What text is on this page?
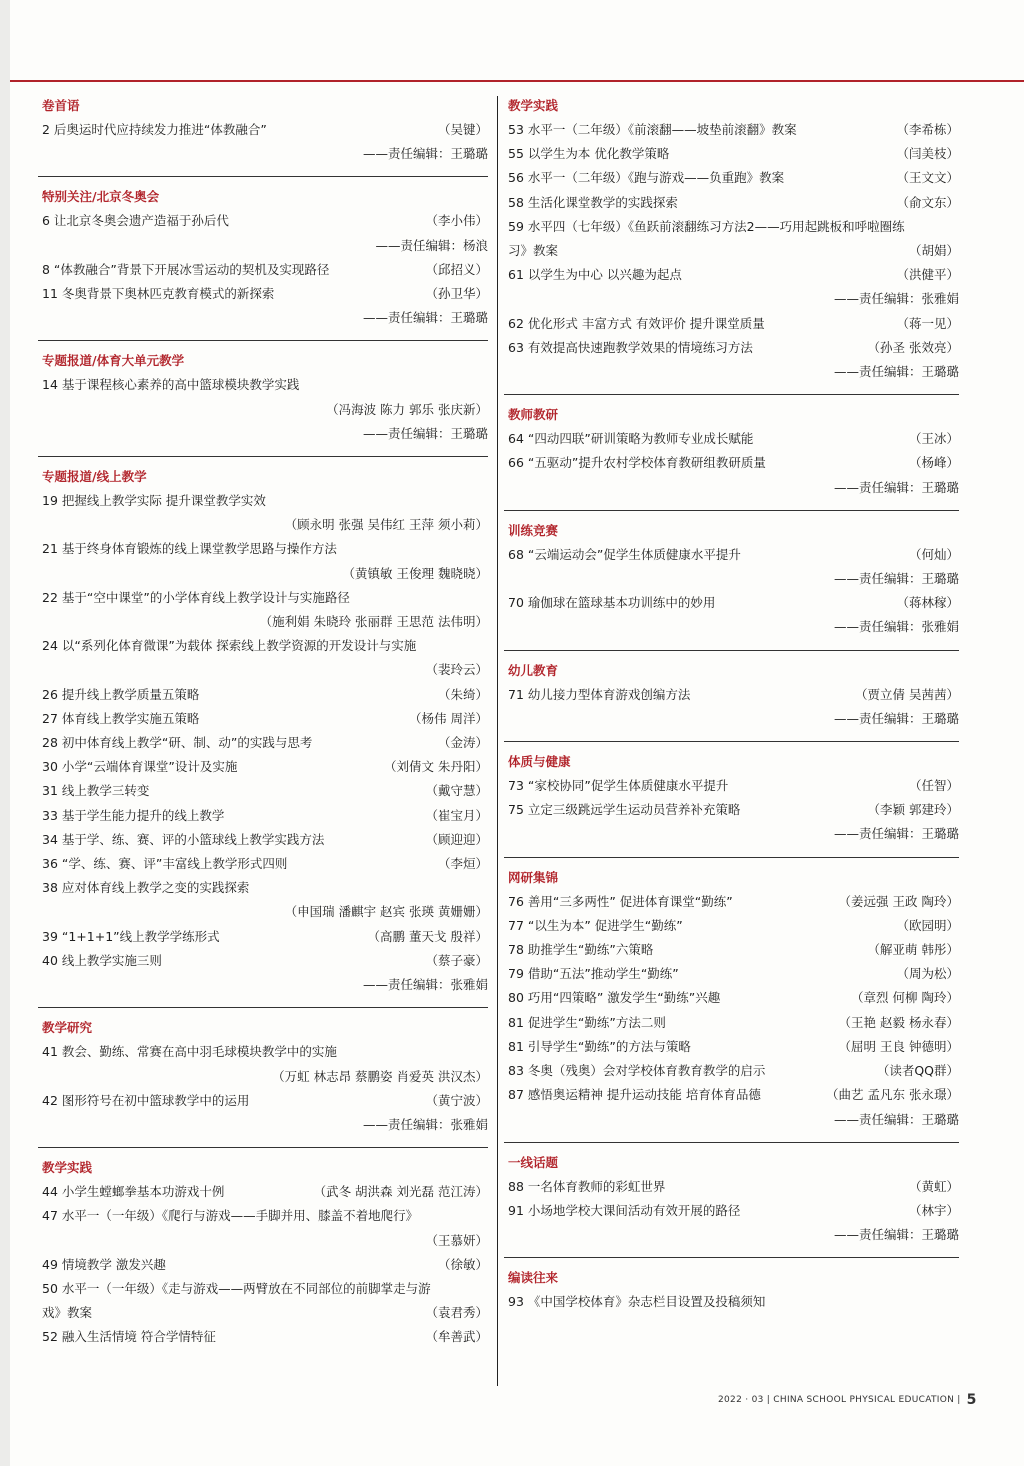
卷首语
2 后奥运时代应持续发力推进“体教融合”	（吴键）
——责任编辑：王璐璐
特别关注/北京冬奥会
6 让北京冬奥会遗产造福于孙后代	（李小伟）
——责任编辑：杨浪
8 “体教融合”背景下开展冰雪运动的契机及实现路径	（邱招义）
11 冬奥背景下奥林匹克教育模式的新探索	（孙卫华）
——责任编辑：王璐璐
专题报道/体育大单元教学
14 基于课程核心素养的高中篮球模块教学实践
（冯海波 陈力 郭乐 张庆新）
——责任编辑：王璐璐
专题报道/线上教学
19 把握线上教学实际 提升课堂教学实效
（顾永明 张强 吴伟红 王萍 须小莉）
21 基于终身体育锻炼的线上课堂教学思路与操作方法
（黄镇敏 王俊理 魏晓晓）
22 基于“空中课堂”的小学体育线上教学设计与实施路径
（施利娟 朱晓玲 张丽群 王思范 法伟明）
24 以“系列化体育微课”为载体 探索线上教学资源的开发设计与实施
（裴玲云）
26 提升线上教学质量五策略	（朱绮）
27 体育线上教学实施五策略	（杨伟 周洋）
28 初中体育线上教学“研、制、动”的实践与思考	（金涛）
30 小学“云端体育课堂”设计及实施	（刘倩文 朱丹阳）
31 线上教学三转变	（戴守慧）
33 基于学生能力提升的线上教学	（崔宝月）
34 基于学、练、赛、评的小篮球线上教学实践方法	（顾迎迎）
36 “学、练、赛、评”丰富线上教学形式四则	（李烜）
38 应对体育线上教学之变的实践探索
（申国瑞 潘麒宇 赵宾 张瑛 黄姗姗）
39 “1+1+1”线上教学学练形式	（高鹏 董天戈 殷祥）
40 线上教学实施三则	（蔡子豪）
——责任编辑：张雅娟
教学研究
41 教会、勤练、常赛在高中羽毛球模块教学中的实施
（万虹 林志昂 蔡鹏姿 肖爱英 洪汉杰）
42 图形符号在初中篮球教学中的运用	（黄宁波）
——责任编辑：张雅娟
教学实践
44 小学生螳螂拳基本功游戏十例	（武冬 胡洪森 刘光磊 范江涛）
47 水平一（一年级）《爬行与游戏——手脚并用、膝盖不着地爬行》
（王慕妍）
49 情境教学 激发兴趣	（徐敏）
50 水平一（一年级）《走与游戏——两臂放在不同部位的前脚掌走与游
戏》教案	（袁君秀）
52 融入生活情境 符合学情特征	（牟善武）
教学实践
53 水平一（二年级）《前滚翻——坡垫前滚翻》教案	（李希栋）
55 以学生为本 优化教学策略	（闫美枝）
56 水平一（二年级）《跑与游戏——负重跑》教案	（王文文）
58 生活化课堂教学的实践探索	（俞文东）
59 水平四（七年级）《鱼跃前滚翻练习方法2——巧用起跳板和呼啦圈练
习》教案	（胡娟）
61 以学生为中心 以兴趣为起点	（洪健平）
——责任编辑：张雅娟
62 优化形式 丰富方式 有效评价 提升课堂质量	（蒋一见）
63 有效提高快速跑教学效果的情境练习方法	（孙圣 张效亮）
——责任编辑：王璐璐
教师教研
64 “四动四联”研训策略为教师专业成长赋能	（王冰）
66 “五驱动”提升农村学校体育教研组教研质量	（杨峰）
——责任编辑：王璐璐
训练竞赛
68 “云端运动会”促学生体质健康水平提升	（何灿）
——责任编辑：王璐璐
70 瑜伽球在篮球基本功训练中的妙用	（蒋林稼）
——责任编辑：张雅娟
幼儿教育
71 幼儿接力型体育游戏创编方法	（贾立倩 吴茜茜）
——责任编辑：王璐璐
体质与健康
73 “家校协同”促学生体质健康水平提升	（任智）
75 立定三级跳远学生运动员营养补充策略	（李颖 郭建玲）
——责任编辑：王璐璐
网研集锦
76 善用“三多两性” 促进体育课堂“勤练”	（姜远强 王政 陶玲）
77 “以生为本” 促进学生“勤练”	（欧园明）
78 助推学生“勤练”六策略	（解亚萌 韩彤）
79 借助“五法”推动学生“勤练”	（周为松）
80 巧用“四策略” 激发学生“勤练”兴趣	（章烈 何柳 陶玲）
81 促进学生“勤练”方法二则	（王艳 赵毅 杨永春）
81 引导学生“勤练”的方法与策略	（屈明 王良 钟德明）
83 冬奥（残奥）会对学校体育教育教学的启示	（读者QQ群）
87 感悟奥运精神 提升运动技能 培育体育品德	（曲艺 孟凡东 张永璟）
——责任编辑：王璐璐
一线话题
88 一名体育教师的彩虹世界	（黄虹）
91 小场地学校大课间活动有效开展的路径	（林宇）
——责任编辑：王璐璐
编读往来
93 《中国学校体育》杂志栏目设置及投稿须知
2022 · 03 | CHINA SCHOOL PHYSICAL EDUCATION | 5
